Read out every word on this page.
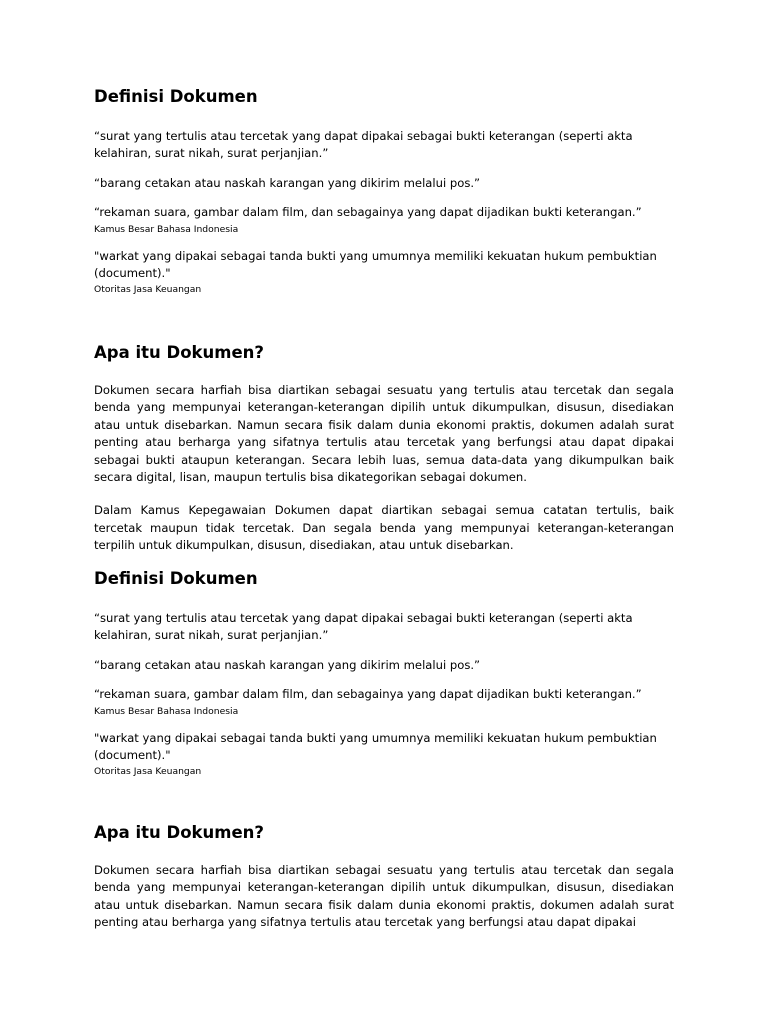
Definisi Dokumen

“surat yang tertulis atau tercetak yang dapat dipakai sebagai bukti keterangan (seperti akta kelahiran, surat nikah, surat perjanjian.”

“barang cetakan atau naskah karangan yang dikirim melalui pos.”

“rekaman suara, gambar dalam film, dan sebagainya yang dapat dijadikan bukti keterangan.”

Kamus Besar Bahasa Indonesia

"warkat yang dipakai sebagai tanda bukti yang umumnya memiliki kekuatan hukum pembuktian (document)."

Otoritas Jasa Keuangan

Apa itu Dokumen?

Dokumen secara harfiah bisa diartikan sebagai sesuatu yang tertulis atau tercetak dan segala benda yang mempunyai keterangan-keterangan dipilih untuk dikumpulkan, disusun, disediakan atau untuk disebarkan. Namun secara fisik dalam dunia ekonomi praktis, dokumen adalah surat penting atau berharga yang sifatnya tertulis atau tercetak yang berfungsi atau dapat dipakai sebagai bukti ataupun keterangan. Secara lebih luas, semua data-data yang dikumpulkan baik secara digital, lisan, maupun tertulis bisa dikategorikan sebagai dokumen.

Dalam Kamus Kepegawaian Dokumen dapat diartikan sebagai semua catatan tertulis, baik tercetak maupun tidak tercetak. Dan segala benda yang mempunyai keterangan-keterangan terpilih untuk dikumpulkan, disusun, disediakan, atau untuk disebarkan.

Definisi Dokumen

“surat yang tertulis atau tercetak yang dapat dipakai sebagai bukti keterangan (seperti akta kelahiran, surat nikah, surat perjanjian.”

“barang cetakan atau naskah karangan yang dikirim melalui pos.”

“rekaman suara, gambar dalam film, dan sebagainya yang dapat dijadikan bukti keterangan.”

Kamus Besar Bahasa Indonesia

"warkat yang dipakai sebagai tanda bukti yang umumnya memiliki kekuatan hukum pembuktian (document)."

Otoritas Jasa Keuangan

Apa itu Dokumen?

Dokumen secara harfiah bisa diartikan sebagai sesuatu yang tertulis atau tercetak dan segala benda yang mempunyai keterangan-keterangan dipilih untuk dikumpulkan, disusun, disediakan atau untuk disebarkan. Namun secara fisik dalam dunia ekonomi praktis, dokumen adalah surat penting atau berharga yang sifatnya tertulis atau tercetak yang berfungsi atau dapat dipakai
